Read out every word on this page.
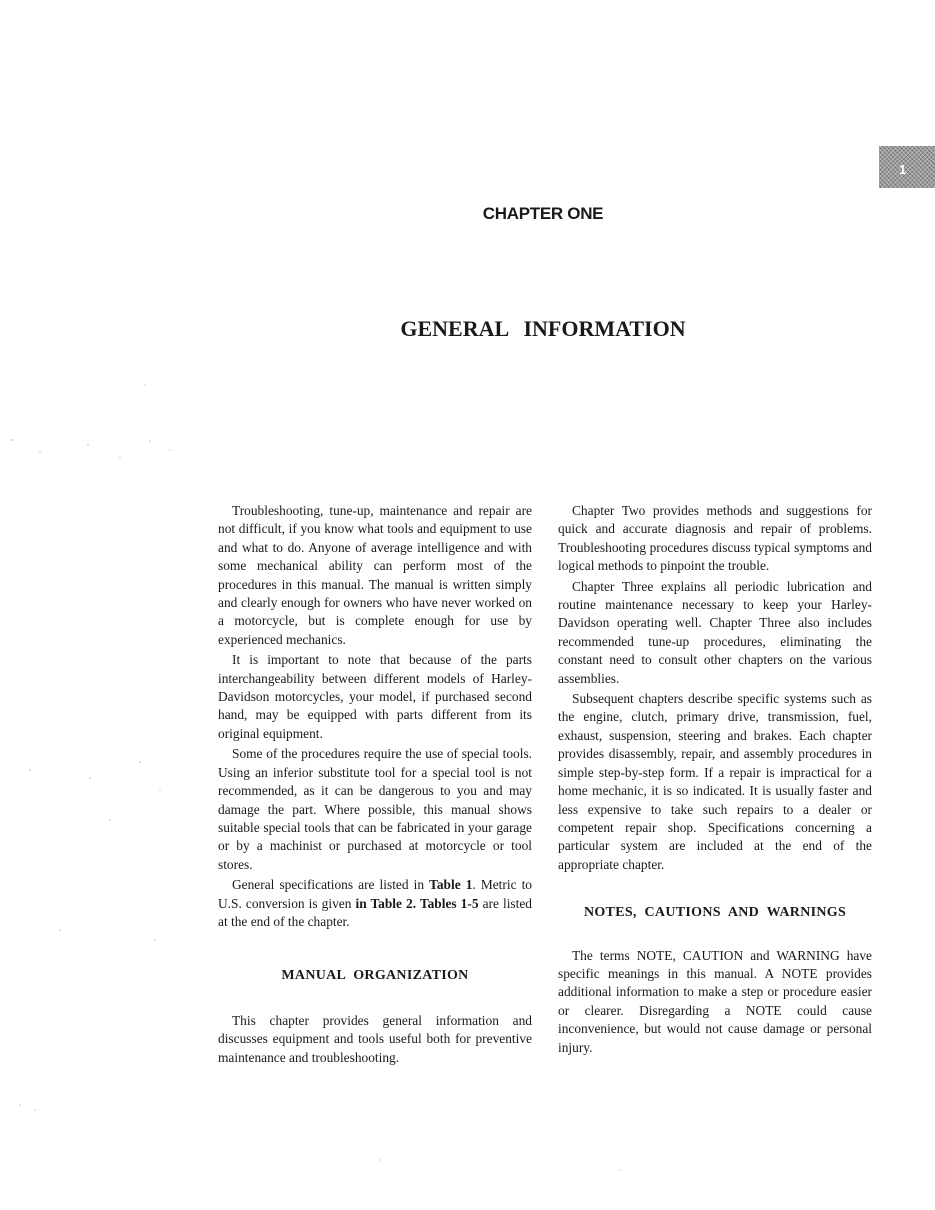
1
CHAPTER ONE
GENERAL INFORMATION

Troubleshooting, tune-up, maintenance and repair are not difficult, if you know what tools and equipment to use and what to do. Anyone of average intelligence and with some mechanical ability can perform most of the procedures in this manual. The manual is written simply and clearly enough for owners who have never worked on a motorcycle, but is complete enough for use by experienced mechanics.

It is important to note that because of the parts interchangeability between different models of Harley-Davidson motorcycles, your model, if purchased second hand, may be equipped with parts different from its original equipment.

Some of the procedures require the use of special tools. Using an inferior substitute tool for a special tool is not recommended, as it can be dangerous to you and may damage the part. Where possible, this manual shows suitable special tools that can be fabricated in your garage or by a machinist or purchased at motorcycle or tool stores.

General specifications are listed in Table 1. Metric to U.S. conversion is given in Table 2. Tables 1-5 are listed at the end of the chapter.

MANUAL ORGANIZATION

This chapter provides general information and discusses equipment and tools useful both for preventive maintenance and troubleshooting.

Chapter Two provides methods and suggestions for quick and accurate diagnosis and repair of problems. Troubleshooting procedures discuss typical symptoms and logical methods to pinpoint the trouble.

Chapter Three explains all periodic lubrication and routine maintenance necessary to keep your Harley-Davidson operating well. Chapter Three also includes recommended tune-up procedures, eliminating the constant need to consult other chapters on the various assemblies.

Subsequent chapters describe specific systems such as the engine, clutch, primary drive, transmission, fuel, exhaust, suspension, steering and brakes. Each chapter provides disassembly, repair, and assembly procedures in simple step-by-step form. If a repair is impractical for a home mechanic, it is so indicated. It is usually faster and less expensive to take such repairs to a dealer or competent repair shop. Specifications concerning a particular system are included at the end of the appropriate chapter.

NOTES, CAUTIONS AND WARNINGS

The terms NOTE, CAUTION and WARNING have specific meanings in this manual. A NOTE provides additional information to make a step or procedure easier or clearer. Disregarding a NOTE could cause inconvenience, but would not cause damage or personal injury.
